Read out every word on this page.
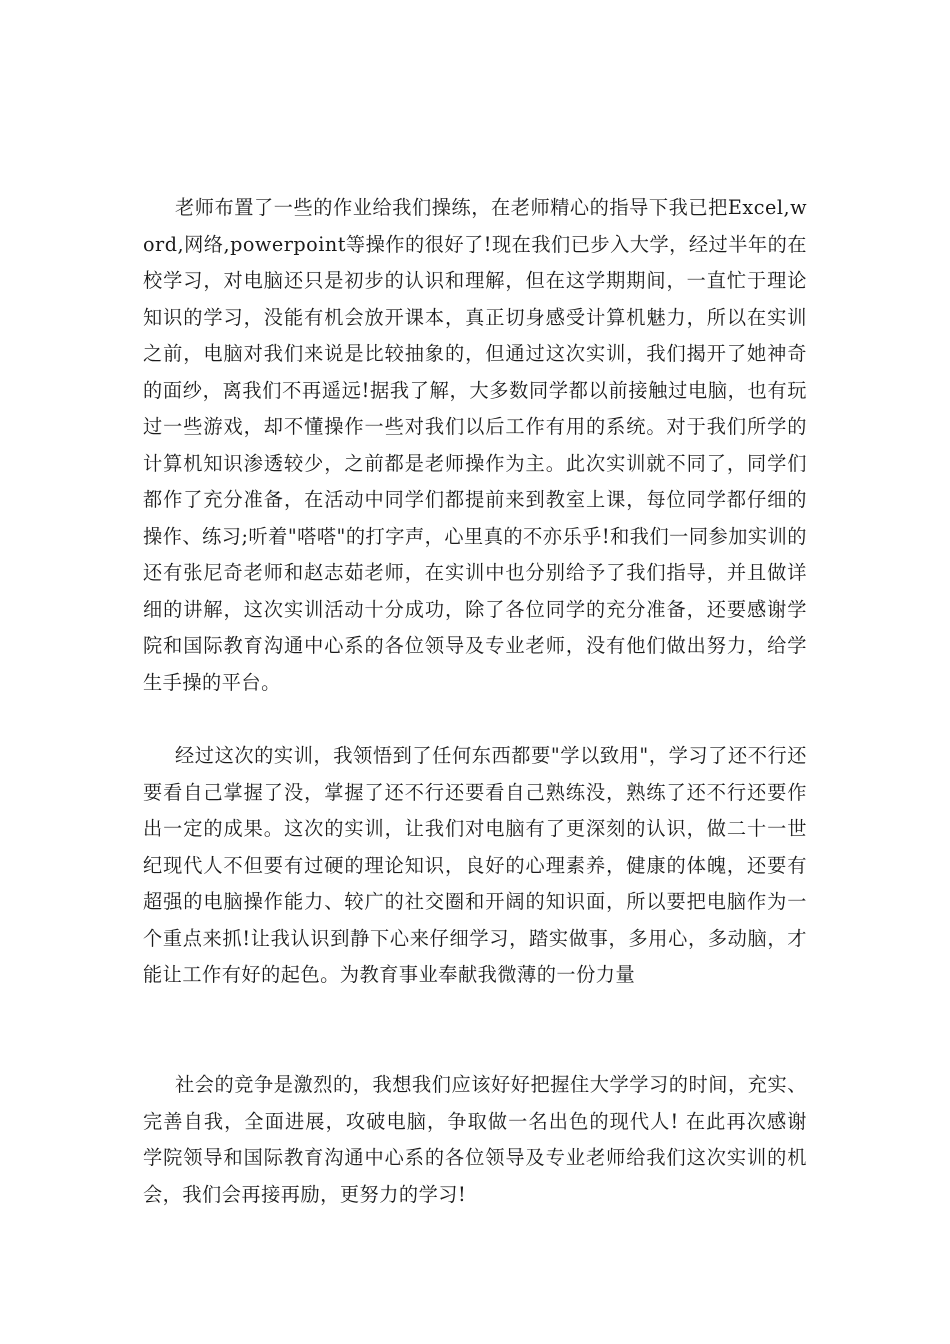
老师布置了一些的作业给我们操练，在老师精心的指导下我已把Excel,word,网络,powerpoint等操作的很好了!现在我们已步入大学，经过半年的在校学习，对电脑还只是初步的认识和理解，但在这学期期间，一直忙于理论知识的学习，没能有机会放开课本，真正切身感受计算机魅力，所以在实训之前，电脑对我们来说是比较抽象的，但通过这次实训，我们揭开了她神奇的面纱，离我们不再遥远!据我了解，大多数同学都以前接触过电脑，也有玩过一些游戏，却不懂操作一些对我们以后工作有用的系统。对于我们所学的计算机知识渗透较少，之前都是老师操作为主。此次实训就不同了，同学们都作了充分准备，在活动中同学们都提前来到教室上课，每位同学都仔细的操作、练习;听着"嗒嗒"的打字声，心里真的不亦乐乎!和我们一同参加实训的还有张尼奇老师和赵志茹老师，在实训中也分别给予了我们指导，并且做详细的讲解，这次实训活动十分成功，除了各位同学的充分准备，还要感谢学院和国际教育沟通中心系的各位领导及专业老师，没有他们做出努力，给学生手操的平台。

经过这次的实训，我领悟到了任何东西都要"学以致用"，学习了还不行还要看自己掌握了没，掌握了还不行还要看自己熟练没，熟练了还不行还要作出一定的成果。这次的实训，让我们对电脑有了更深刻的认识，做二十一世纪现代人不但要有过硬的理论知识，良好的心理素养，健康的体魄，还要有超强的电脑操作能力、较广的社交圈和开阔的知识面，所以要把电脑作为一个重点来抓!让我认识到静下心来仔细学习，踏实做事，多用心，多动脑，才能让工作有好的起色。为教育事业奉献我微薄的一份力量

社会的竞争是激烈的，我想我们应该好好把握住大学学习的时间，充实、完善自我，全面进展，攻破电脑，争取做一名出色的现代人! 在此再次感谢学院领导和国际教育沟通中心系的各位领导及专业老师给我们这次实训的机会，我们会再接再励，更努力的学习!
